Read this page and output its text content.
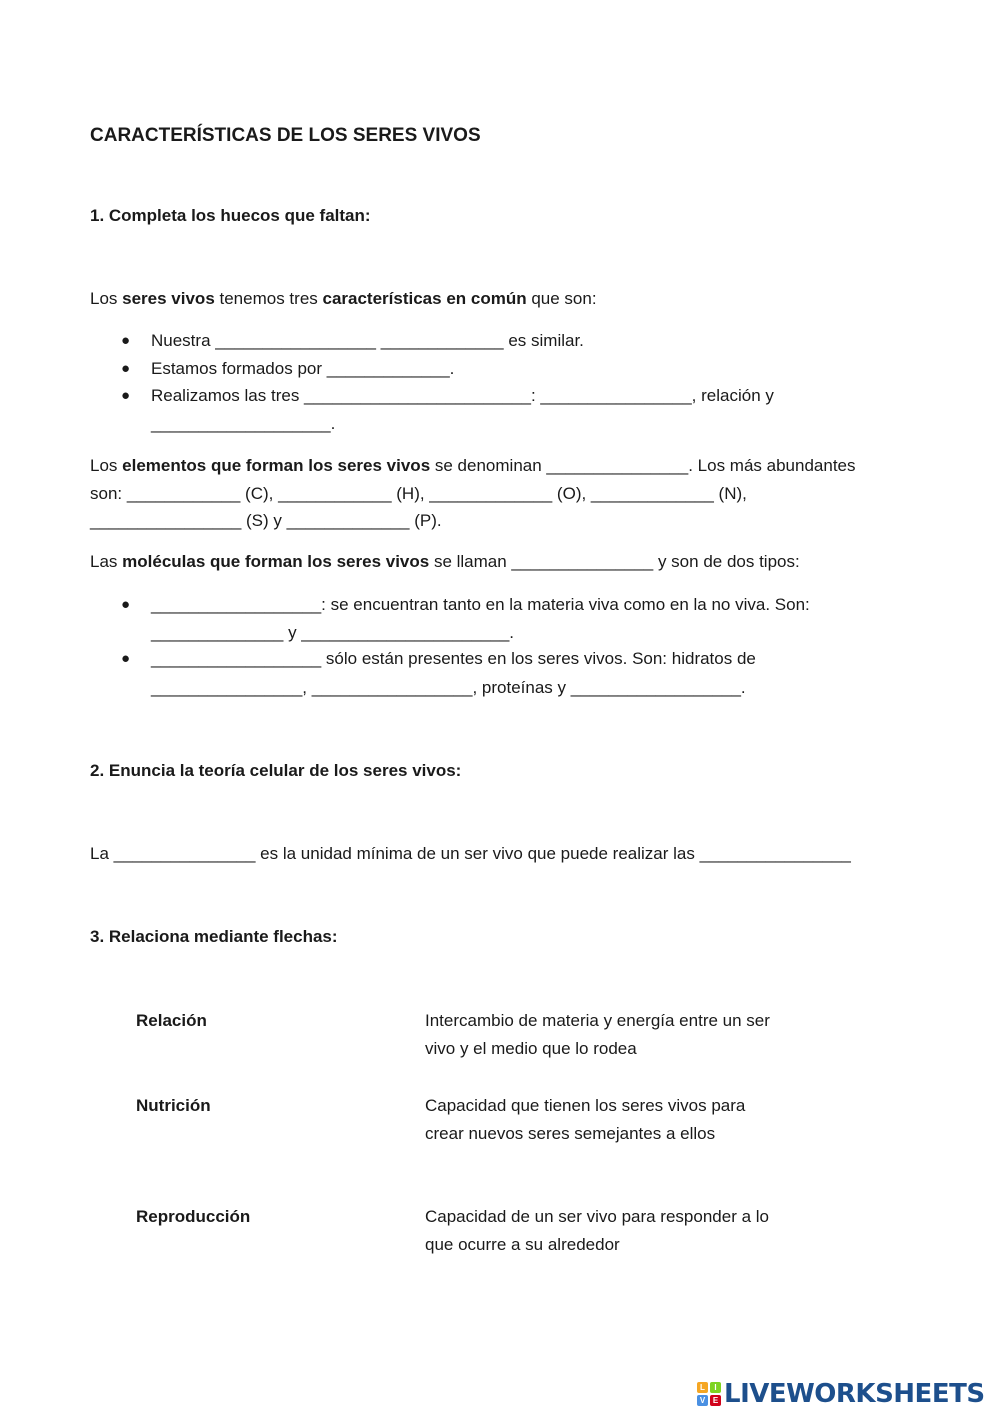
CARACTERÍSTICAS DE LOS SERES VIVOS
1. Completa los huecos que faltan:
Los seres vivos tenemos tres características en común que son:
● Nuestra _________________ _____________ es similar.
● Estamos formados por _____________.
● Realizamos las tres ________________________: ________________, relación y
___________________.
Los elementos que forman los seres vivos se denominan _______________. Los más abundantes
son: ____________ (C), ____________ (H), _____________ (O), _____________ (N),
________________ (S) y _____________ (P).
Las moléculas que forman los seres vivos se llaman _______________ y son de dos tipos:
● __________________: se encuentran tanto en la materia viva como en la no viva. Son:
______________ y ______________________.
● __________________ sólo están presentes en los seres vivos. Son: hidratos de
________________, _________________, proteínas y __________________.
2. Enuncia la teoría celular de los seres vivos:
La _______________ es la unidad mínima de un ser vivo que puede realizar las ________________
3. Relaciona mediante flechas:
Relación
Nutrición
Reproducción
Intercambio de materia y energía entre un ser vivo y el medio que lo rodea
Capacidad que tienen los seres vivos para crear nuevos seres semejantes a ellos
Capacidad de un ser vivo para responder a lo que ocurre a su alrededor
L	I
V E LIVEWORKSHEETS
